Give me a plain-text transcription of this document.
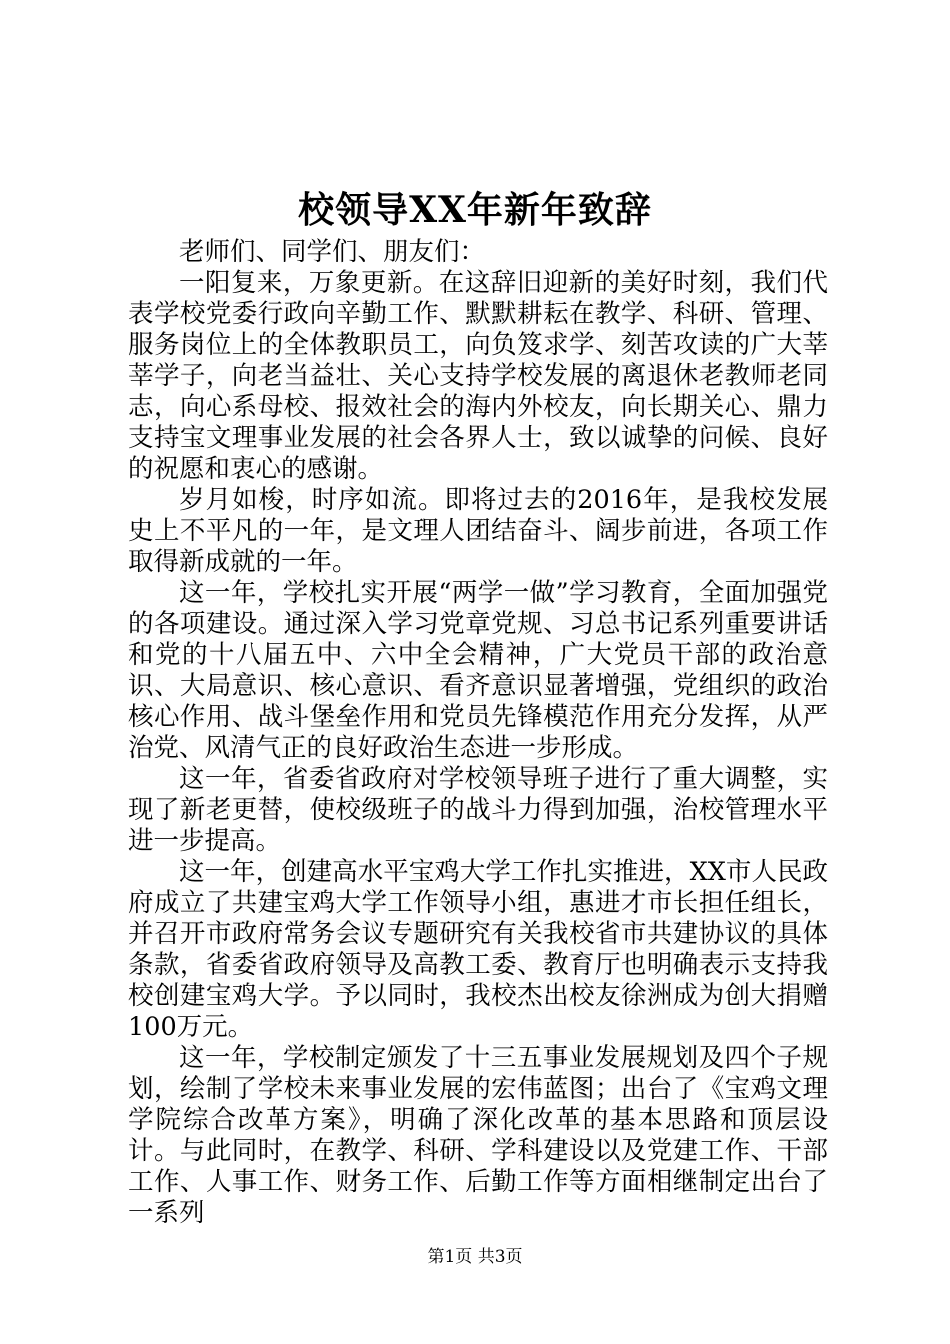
校领导XX年新年致辞

老师们、同学们、朋友们：

一阳复来，万象更新。在这辞旧迎新的美好时刻，我们代表学校党委行政向辛勤工作、默默耕耘在教学、科研、管理、服务岗位上的全体教职员工，向负笈求学、刻苦攻读的广大莘莘学子，向老当益壮、关心支持学校发展的离退休老教师老同志，向心系母校、报效社会的海内外校友，向长期关心、鼎力支持宝文理事业发展的社会各界人士，致以诚挚的问候、良好的祝愿和衷心的感谢。

岁月如梭，时序如流。即将过去的2016年，是我校发展史上不平凡的一年，是文理人团结奋斗、阔步前进，各项工作取得新成就的一年。

这一年，学校扎实开展“两学一做”学习教育，全面加强党的各项建设。通过深入学习党章党规、习总书记系列重要讲话和党的十八届五中、六中全会精神，广大党员干部的政治意识、大局意识、核心意识、看齐意识显著增强，党组织的政治核心作用、战斗堡垒作用和党员先锋模范作用充分发挥，从严治党、风清气正的良好政治生态进一步形成。

这一年，省委省政府对学校领导班子进行了重大调整，实现了新老更替，使校级班子的战斗力得到加强，治校管理水平进一步提高。

这一年，创建高水平宝鸡大学工作扎实推进，XX市人民政府成立了共建宝鸡大学工作领导小组，惠进才市长担任组长，并召开市政府常务会议专题研究有关我校省市共建协议的具体条款，省委省政府领导及高教工委、教育厅也明确表示支持我校创建宝鸡大学。予以同时，我校杰出校友徐洲成为创大捐赠100万元。

这一年，学校制定颁发了十三五事业发展规划及四个子规划，绘制了学校未来事业发展的宏伟蓝图；出台了《宝鸡文理学院综合改革方案》，明确了深化改革的基本思路和顶层设计。与此同时，在教学、科研、学科建设以及党建工作、干部工作、人事工作、财务工作、后勤工作等方面相继制定出台了一系列

第1页 共3页
